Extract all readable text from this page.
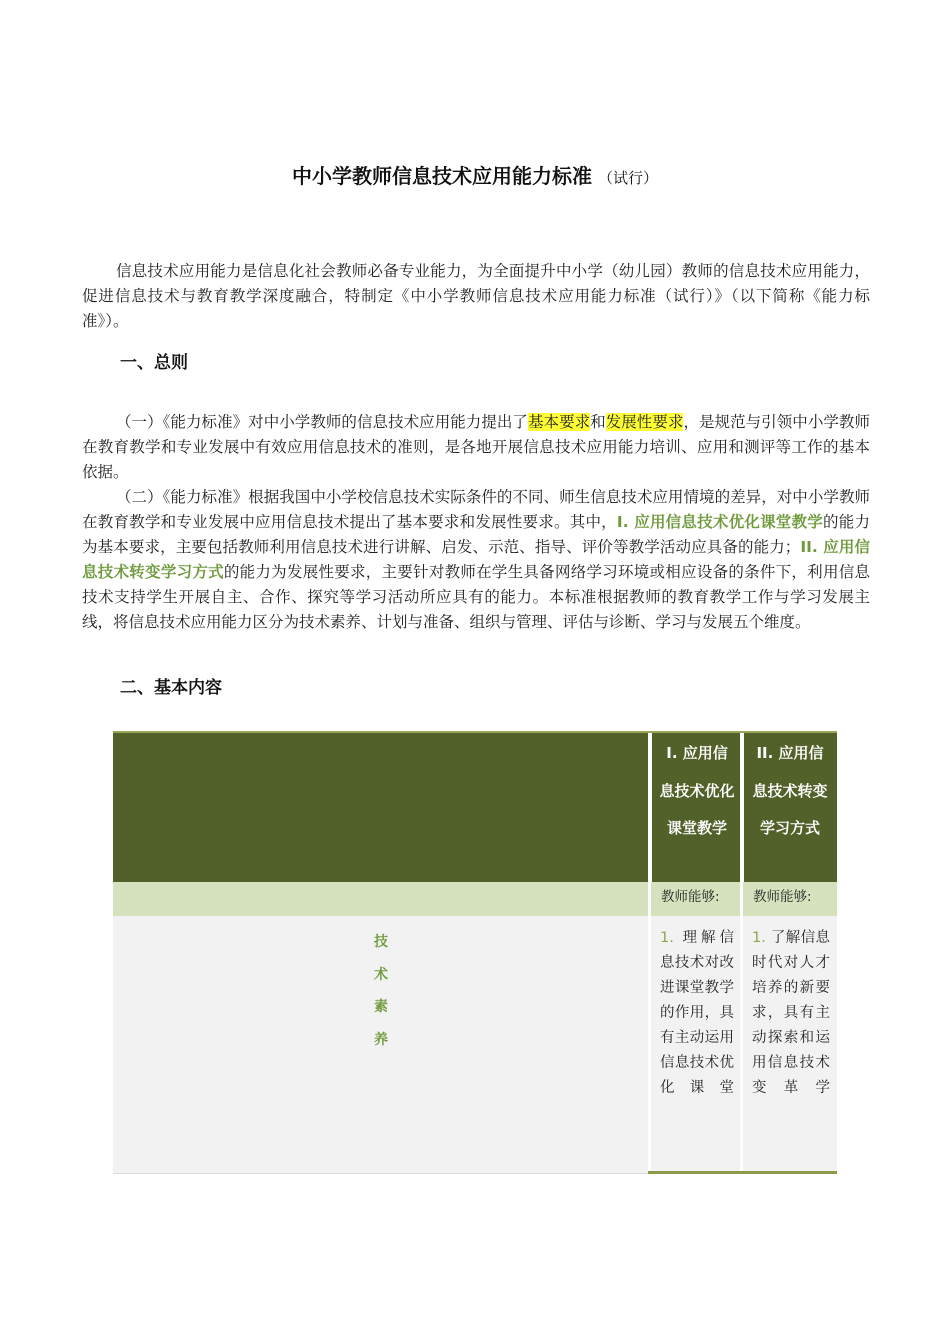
中小学教师信息技术应用能力标准 （试行）

信息技术应用能力是信息化社会教师必备专业能力，为全面提升中小学（幼儿园）教师的信息技术应用能力，促进信息技术与教育教学深度融合，特制定《中小学教师信息技术应用能力标准（试行）》（以下简称《能力标准》）。

一、总则

（一）《能力标准》对中小学教师的信息技术应用能力提出了基本要求和发展性要求，是规范与引领中小学教师在教育教学和专业发展中有效应用信息技术的准则，是各地开展信息技术应用能力培训、应用和测评等工作的基本依据。

（二）《能力标准》根据我国中小学校信息技术实际条件的不同、师生信息技术应用情境的差异，对中小学教师在教育教学和专业发展中应用信息技术提出了基本要求和发展性要求。其中，I. 应用信息技术优化课堂教学的能力为基本要求，主要包括教师利用信息技术进行讲解、启发、示范、指导、评价等教学活动应具备的能力；II. 应用信息技术转变学习方式的能力为发展性要求，主要针对教师在学生具备网络学习环境或相应设备的条件下，利用信息技术支持学生开展自主、合作、探究等学习活动所应具有的能力。本标准根据教师的教育教学工作与学习发展主线，将信息技术应用能力区分为技术素养、计划与准备、组织与管理、评估与诊断、学习与发展五个维度。

二、基本内容
I. 应用信息技术优化课堂教学
II. 应用信息技术转变学习方式
教师能够: 教师能够:
技
术
素
养
1. 理解信息技术对改进课堂教学的作用，具有主动运用信息技术优化课堂
1. 了解信息时代对人才培养的新要求，具有主动探索和运用信息技术变革学
